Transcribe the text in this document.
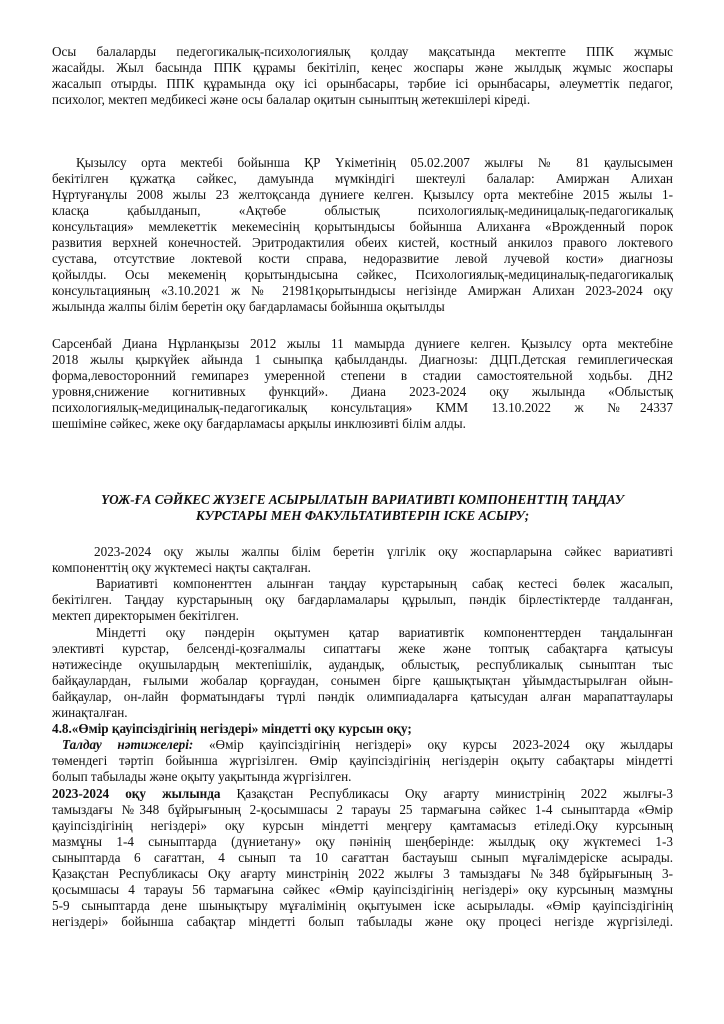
Осы балаларды педегогикалық-психологиялық қолдау мақсатында мектепте ППК жұмыс
жасайды. Жыл басында ППК құрамы бекітіліп, кеңес жоспары және жылдық жұмыс жоспары
жасалып отырды. ППК құрамында оқу ісі орынбасары, тәрбие ісі орынбасары, әлеуметтік педагог,
психолог, мектеп медбикесі және осы балалар оқитын сыныптың жетекшілері кіреді.
Қызылсу орта мектебі бойынша ҚР Үкіметінің 05.02.2007 жылғы № 81 қаулысымен
бекітілген құжатқа сәйкес, дамуында мүмкіндігі шектеулі балалар: Амиржан Алихан
Нұртуғанұлы 2008 жылы 23 желтоқсанда дүниеге келген. Қызылсу орта мектебіне 2015 жылы 1-
класқа қабылданып, «Ақтөбе облыстық психологиялық-мединицалық-педагогикалық
консультация» мемлекеттік мекемесінің қорытындысы бойынша Алиханға «Врожденный порок
развития верхней конечностей. Эритродактилия обеих кистей, костный анкилоз правого локтевого
сустава, отсутствие локтевой кости справа, недоразвитие левой лучевой кости» диагнозы
қойылды. Осы мекеменің қорытындысына сәйкес, Психологиялық-медициналық-педагогикалық
консультацияның «3.10.2021 ж № 21981қорытындысы негізінде Амиржан Алихан 2023-2024 оқу
жылында жалпы білім беретін оқу бағдарламасы бойынша оқытылды
Сарсенбай Диана Нұрланқызы 2012 жылы 11 мамырда дүниеге келген. Қызылсу орта мектебіне
2018 жылы қыркүйек айында 1 сыныпқа қабылданды. Диагнозы: ДЦП.Детская гемиплегическая
форма,левосторонний гемипарез умеренной степени в стадии самостоятельной ходьбы. ДН2
уровня,снижение когнитивных функций». Диана 2023-2024 оқу жылында «Облыстық
психологиялық-медициналық-педагогикалық консультация» КММ 13.10.2022 ж №24337
шешіміне сәйкес, жеке оқу бағдарламасы арқылы инклюзивті білім алды.
ҮОЖ-ҒА СӘЙКЕС ЖҮЗЕГЕ АСЫРЫЛАТЫН ВАРИАТИВТІ КОМПОНЕНТТІҢ ТАҢДАУ
КУРСТАРЫ МЕН ФАКУЛЬТАТИВТЕРІН ІСКЕ АСЫРУ;
2023-2024 оқу жылы жалпы білім беретін үлгілік оқу жоспарларына сәйкес вариативті
компоненттің оқу жүктемесі нақты сақталған.
Вариативті компоненттен алынған таңдау курстарының сабақ кестесі бөлек жасалып,
бекітілген. Таңдау курстарының оқу бағдарламалары құрылып, пәндік бірлестіктерде талданған,
мектеп директорымен бекітілген.
Міндетті оқу пәндерін оқытумен қатар вариативтік компоненттерден таңдалынған
элективті курстар, белсенді-қозғалмалы сипаттағы жеке және топтық сабақтарға қатысуы
нәтижесінде оқушылардың мектепішілік, аудандық, облыстық, республикалық сыныптан тыс
байқаулардан, ғылыми жобалар қорғаудан, сонымен бірге қашықтықтан ұйымдастырылған ойын-
байқаулар, он-лайн форматындағы түрлі пәндік олимпиадаларға қатысудан алған марапаттаулары
жинақталған.
4.8.«Өмір қауіпсіздігінің негіздері» міндетті оқу курсын оқу;
Талдау нәтижелері: «Өмір қауіпсіздігінің негіздері» оқу курсы 2023-2024 оқу жылдары
төмендегі тәртіп бойынша жүргізілген. Өмір қауіпсіздігінің негіздерін оқыту сабақтары міндетті
болып табылады және оқыту уақытында жүргізілген.
2023-2024 оқу жылында Қазақстан Республикасы Оқу ағарту министрінің 2022 жылғы-3
тамыздағы №348 бұйрығының 2-қосымшасы 2 тарауы 25 тармағына сәйкес 1-4 сыныптарда «Өмір
қауіпсіздігінің негіздері» оқу курсын міндетті меңгеру қамтамасыз етіледі.Оқу курсының
мазмұны 1-4 сыныптарда (дүниетану» оқу пәнінің шеңберінде: жылдық оқу жүктемесі 1-3
сыныптарда 6 сағаттан, 4 сынып та 10 сағаттан бастауыш сынып мұғалімдеріске асырады.
Қазақстан Республикасы Оқу ағарту минстрінің 2022 жылғы 3 тамыздағы №348 бұйрығының 3-
қосымшасы 4 тарауы 56 тармағына сәйкес «Өмір қауіпсіздігінің негіздері» оқу курсының мазмұны
5-9 сыныптарда дене шынықтыру мұғалімінің оқытуымен іске асырылады. «Өмір қауіпсіздігінің
негіздері» бойынша сабақтар міндетті болып табылады және оқу процесі негізде жүргізіледі.
